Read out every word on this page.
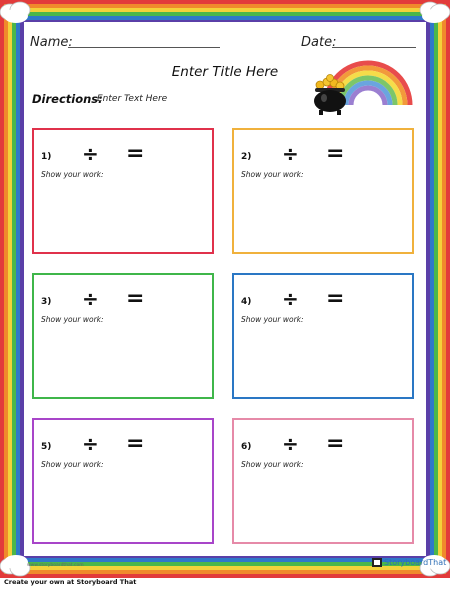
Name:	Date:
Enter Title Here
Directions:
Enter Text Here
1) ÷ =
Show your work:
2) ÷ =
Show your work:
3) ÷ =
Show your work:
4) ÷ =
Show your work:
5) ÷ =
Show your work:
6) ÷ =
Show your work:
www.storyboardthat.com	StoryboardThat
Create your own at Storyboard That
